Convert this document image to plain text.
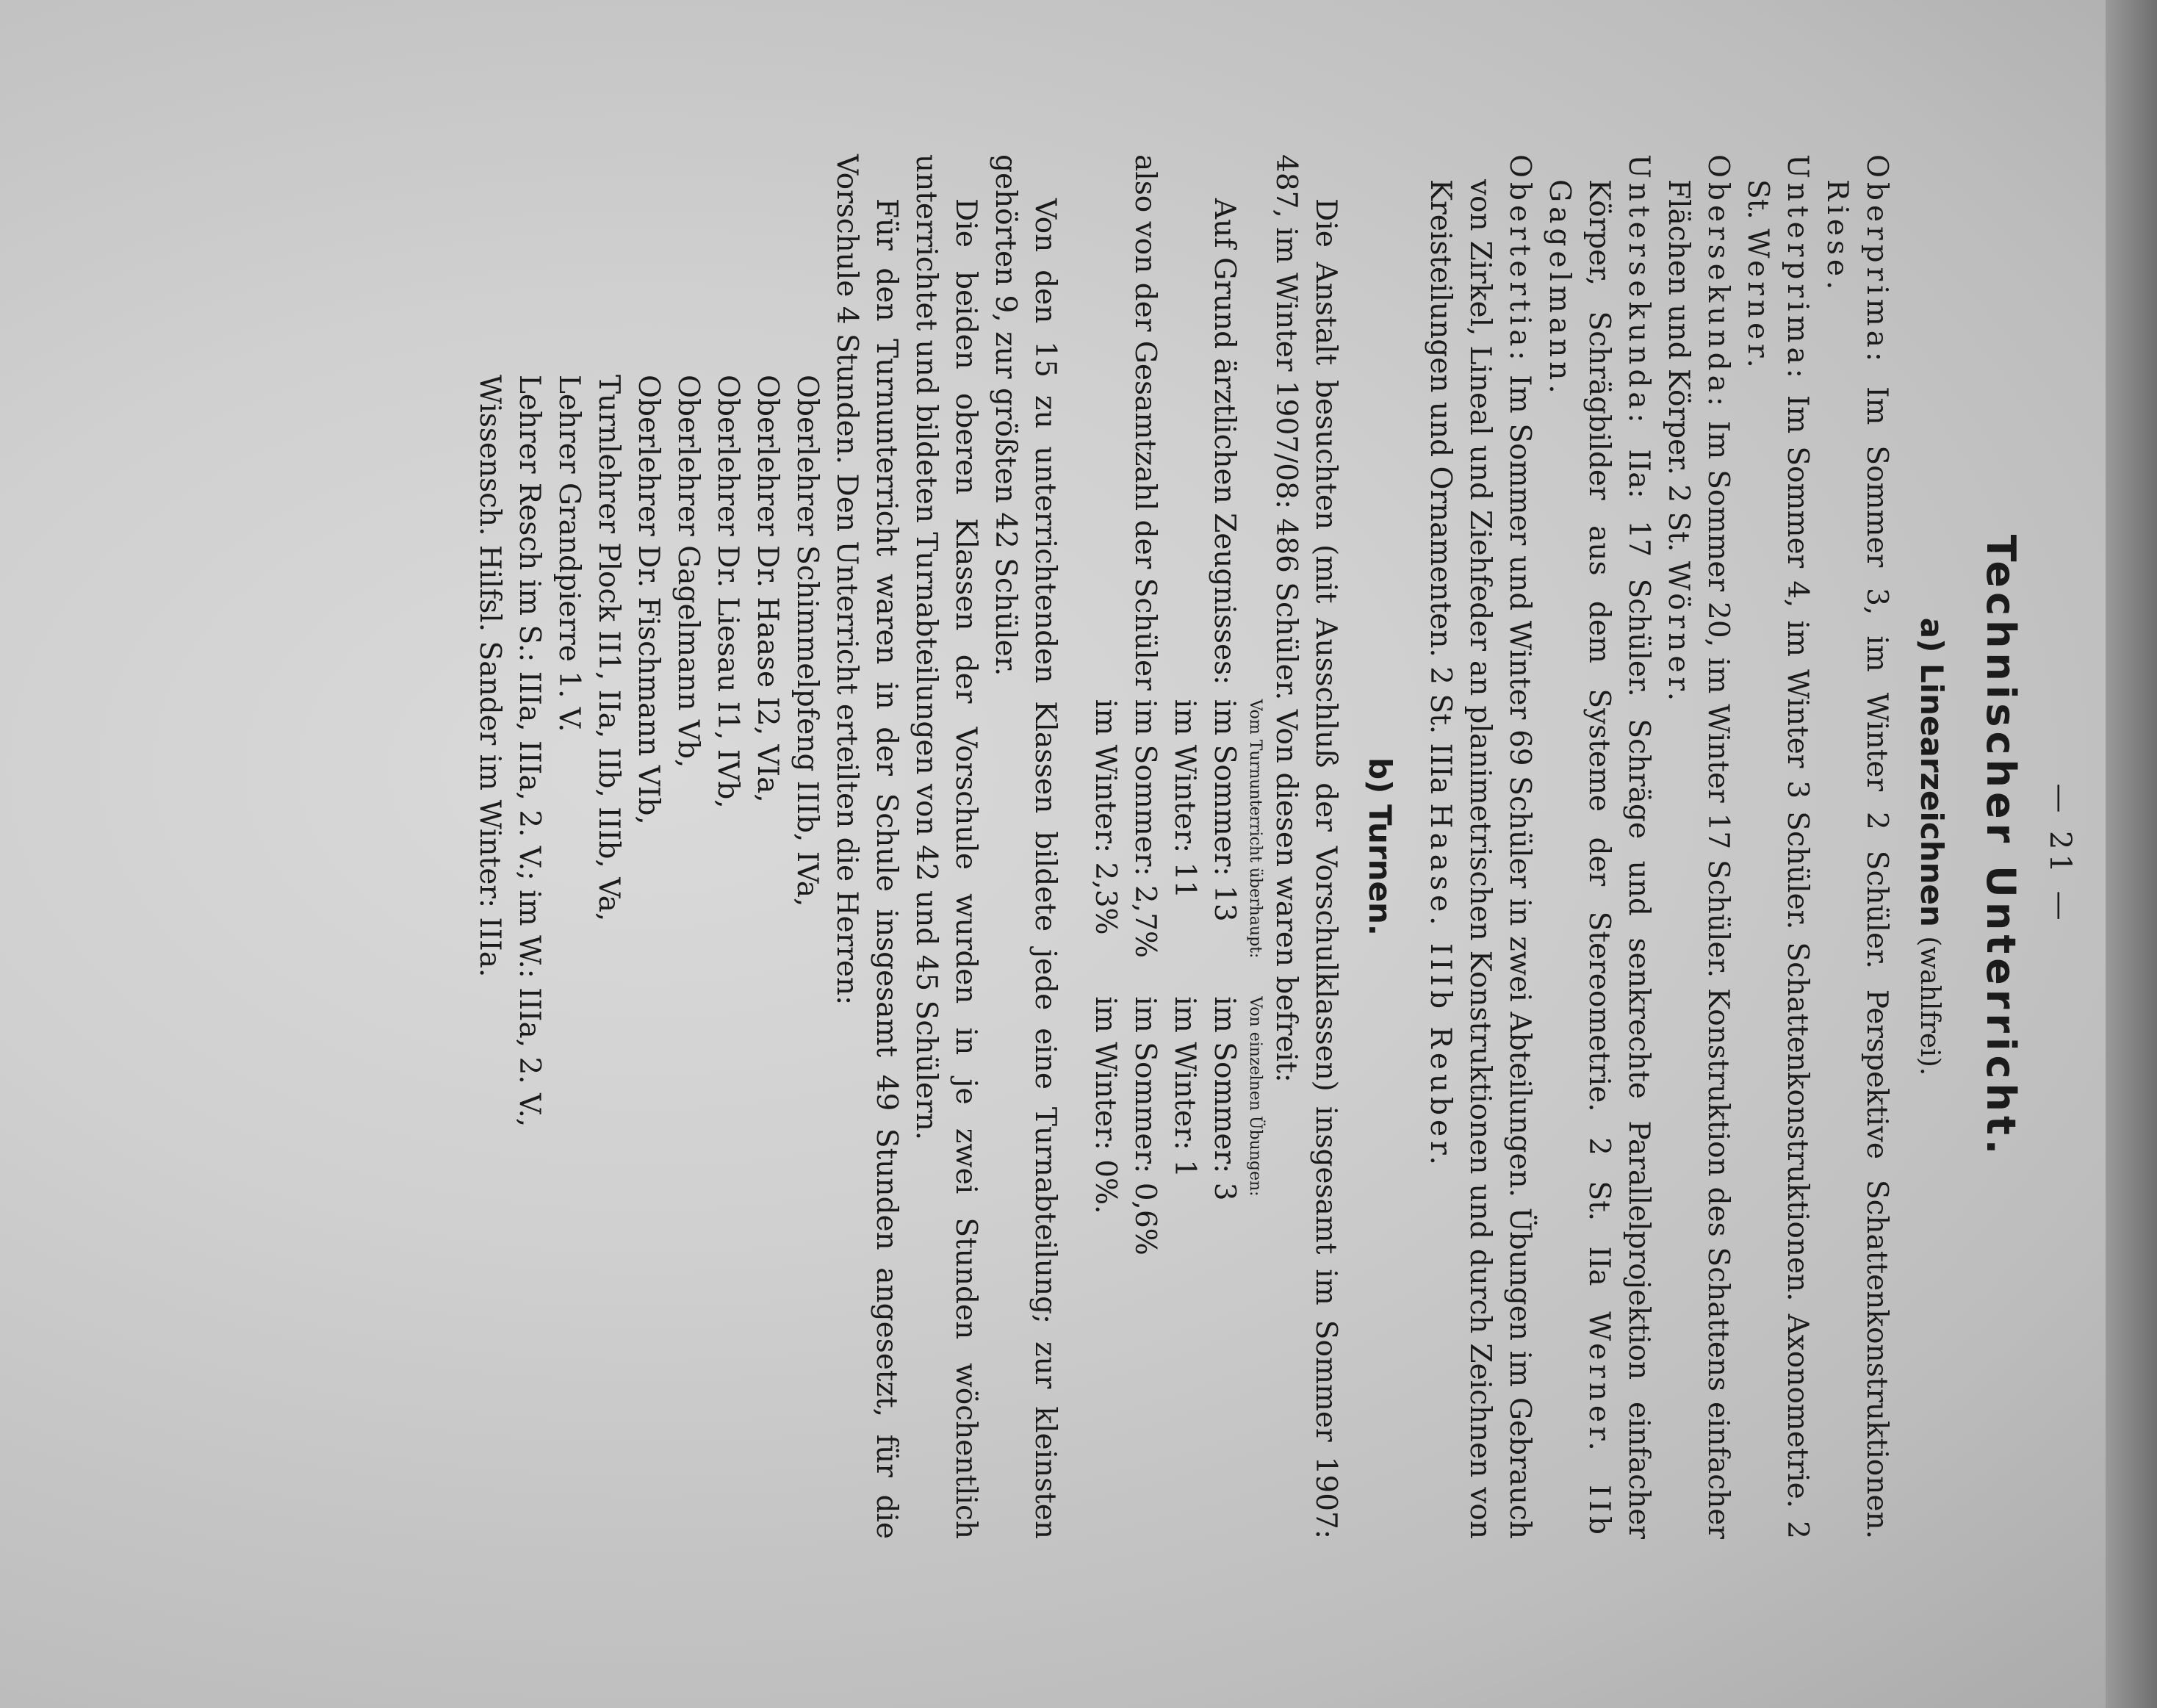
— 21 —
Technischer Unterricht.
a) Linearzeichnen (wahlfrei).

Oberprima: Im Sommer 3, im Winter 2 Schüler. Perspektive Schattenkonstruktionen. Riese.

Unterprima: Im Sommer 4, im Winter 3 Schüler. Schattenkonstruktionen. Axonometrie. 2 St. Werner.

Obersekunda: Im Sommer 20, im Winter 17 Schüler. Konstruktion des Schattens einfacher Flächen und Körper. 2 St. Wörner.

Untersekunda: IIa: 17 Schüler. Schräge und senkrechte Parallelprojektion einfacher Körper, Schrägbilder aus dem Systeme der Stereometrie. 2 St. IIa Werner. IIb Gagelmann.

Obertertia: Im Sommer und Winter 69 Schüler in zwei Abteilungen. Übungen im Gebrauch von Zirkel, Lineal und Ziehfeder an planimetrischen Konstruktionen und durch Zeichnen von Kreisteilungen und Ornamenten. 2 St. IIIa Haase. IIIb Reuber.

b) Turnen.

Die Anstalt besuchten (mit Ausschluß der Vorschulklassen) insgesamt im Sommer 1907: 487, im Winter 1907/08: 486 Schüler. Von diesen waren befreit:

	Vom Turnunterricht überhaupt:	Von einzelnen Übungen:
Auf Grund ärztlichen Zeugnisses:	im Sommer: 13	im Sommer: 3
	im Winter: 11	im Winter: 1
also von der Gesamtzahl der Schüler	im Sommer: 2,7%	im Sommer: 0,6%
	im Winter: 2,3%	im Winter: 0%.

Von den 15 zu unterrichtenden Klassen bildete jede eine Turnabteilung; zur kleinsten gehörten 9, zur größten 42 Schüler.

Die beiden oberen Klassen der Vorschule wurden in je zwei Stunden wöchentlich unterrichtet und bildeten Turnabteilungen von 42 und 45 Schülern.

Für den Turnunterricht waren in der Schule insgesamt 49 Stunden angesetzt, für die Vorschule 4 Stunden. Den Unterricht erteilten die Herren:

Oberlehrer Schimmelpfeng IIIb, IVa,
Oberlehrer Dr. Haase I2, VIa,
Oberlehrer Dr. Liesau I1, IVb,
Oberlehrer Gagelmann Vb,
Oberlehrer Dr. Fischmann VIb,
Turnlehrer Plock II1, IIa, IIb, IIIb, Va,
Lehrer Grandpierre 1. V.
Lehrer Resch im S.: IIIa, IIIa, 2. V.; im W.: IIIa, 2. V.,
Wissensch. Hilfsl. Sander im Winter: IIIa.
